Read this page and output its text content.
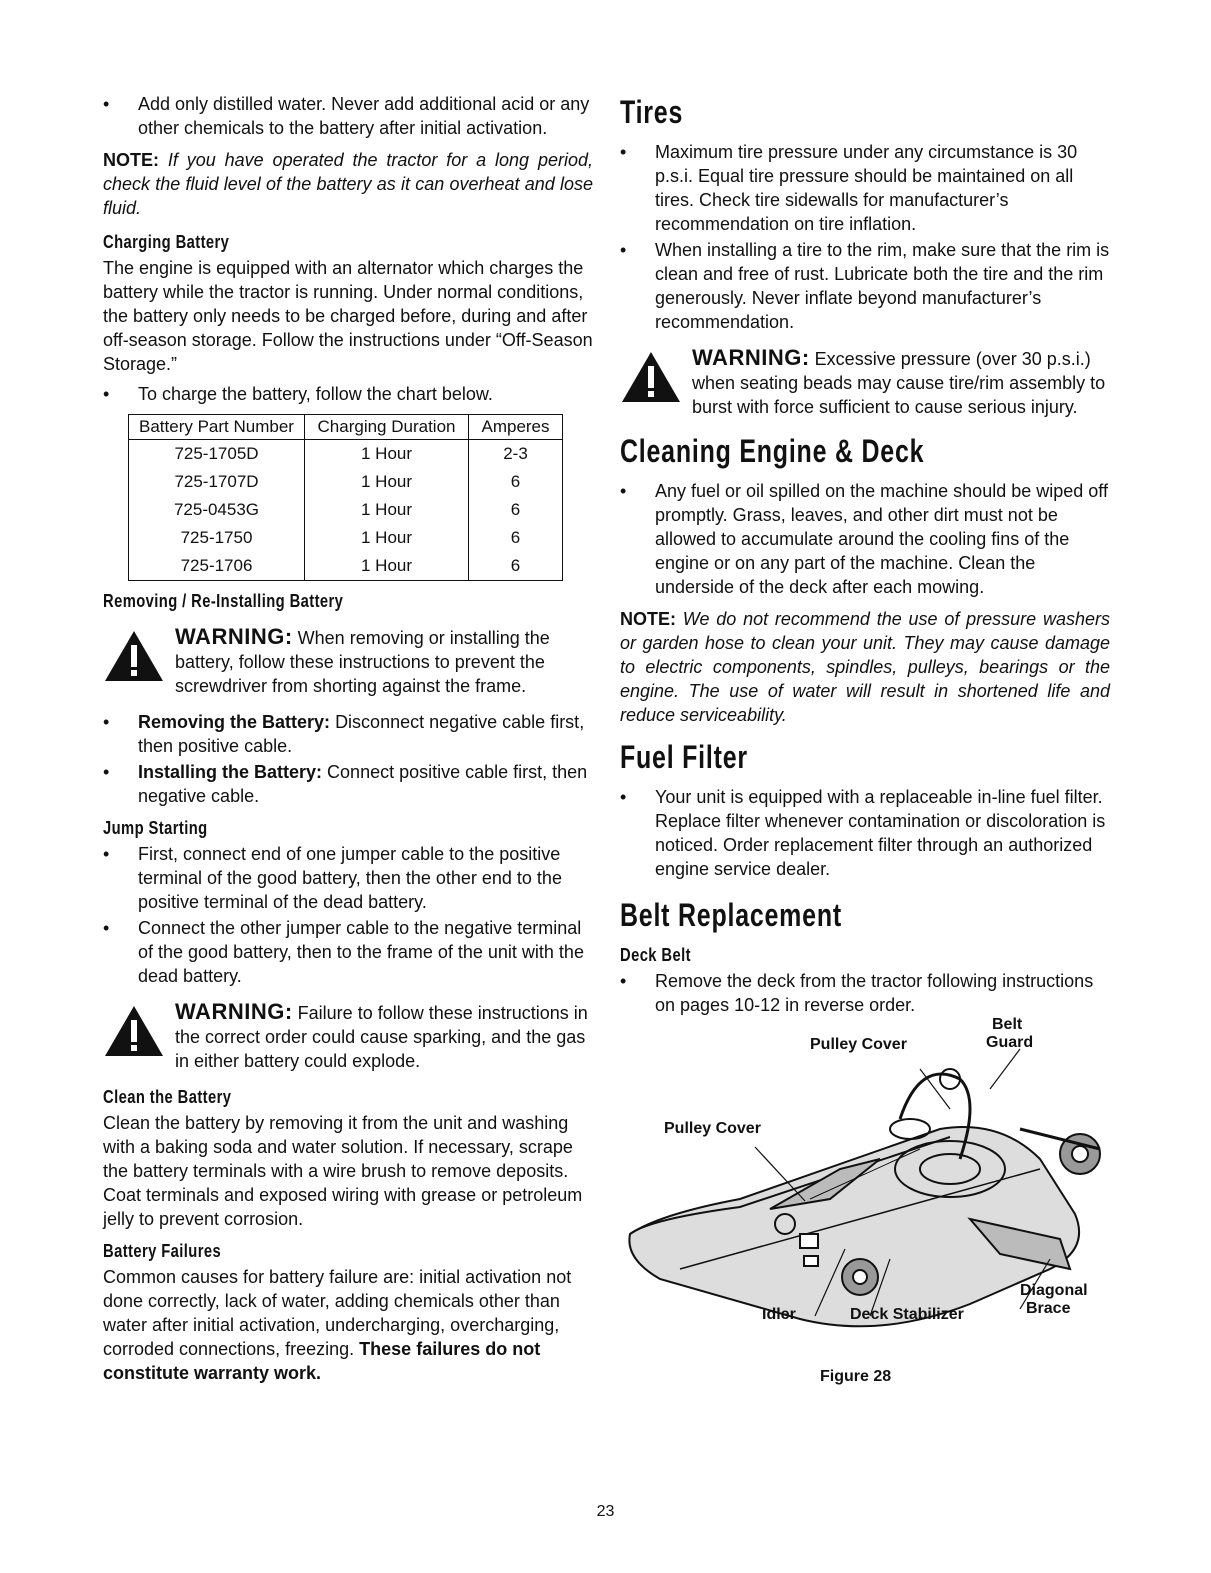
• Add only distilled water. Never add additional acid or any other chemicals to the battery after initial activation.

NOTE: If you have operated the tractor for a long period, check the fluid level of the battery as it can overheat and lose fluid.

Charging Battery

The engine is equipped with an alternator which charges the battery while the tractor is running. Under normal conditions, the battery only needs to be charged before, during and after off-season storage. Follow the instructions under “Off-Season Storage.”

• To charge the battery, follow the chart below.
Battery Part Number	Charging Duration	Amperes
725-1705D	1 Hour	2-3
725-1707D	1 Hour	6
725-0453G	1 Hour	6
725-1750	1 Hour	6
725-1706	1 Hour	6
Removing / Re-Installing Battery
WARNING: When removing or installing the battery, follow these instructions to prevent the screwdriver from shorting against the frame.
• Removing the Battery: Disconnect negative cable first, then positive cable.
• Installing the Battery: Connect positive cable first, then negative cable.
Jump Starting
• First, connect end of one jumper cable to the positive terminal of the good battery, then the other end to the positive terminal of the dead battery.
• Connect the other jumper cable to the negative terminal of the good battery, then to the frame of the unit with the dead battery.
WARNING: Failure to follow these instructions in the correct order could cause sparking, and the gas in either battery could explode.
Clean the Battery

Clean the battery by removing it from the unit and washing with a baking soda and water solution. If necessary, scrape the battery terminals with a wire brush to remove deposits. Coat terminals and exposed wiring with grease or petroleum jelly to prevent corrosion.

Battery Failures

Common causes for battery failure are: initial activation not done correctly, lack of water, adding chemicals other than water after initial activation, undercharging, overcharging, corroded connections, freezing. These failures do not constitute warranty work.

Tires
• Maximum tire pressure under any circumstance is 30 p.s.i. Equal tire pressure should be maintained on all tires. Check tire sidewalls for manufacturer’s recommendation on tire inflation.
• When installing a tire to the rim, make sure that the rim is clean and free of rust. Lubricate both the tire and the rim generously. Never inflate beyond manufacturer’s recommendation.
WARNING: Excessive pressure (over 30 p.s.i.) when seating beads may cause tire/rim assembly to burst with force sufficient to cause serious injury.
Cleaning Engine & Deck
• Any fuel or oil spilled on the machine should be wiped off promptly. Grass, leaves, and other dirt must not be allowed to accumulate around the cooling fins of the engine or on any part of the machine. Clean the underside of the deck after each mowing.

NOTE: We do not recommend the use of pressure washers or garden hose to clean your unit. They may cause damage to electric components, spindles, pulleys, bearings or the engine. The use of water will result in shortened life and reduce serviceability.

Fuel Filter
• Your unit is equipped with a replaceable in-line fuel filter. Replace filter whenever contamination or discoloration is noticed. Order replacement filter through an authorized engine service dealer.
Belt Replacement
Deck Belt
• Remove the deck from the tractor following instructions on pages 10-12 in reverse order.
Belt
Guard
Pulley Cover
Pulley Cover
Diagonal
Brace
Idler	Deck Stabilizer
Figure 28
23
